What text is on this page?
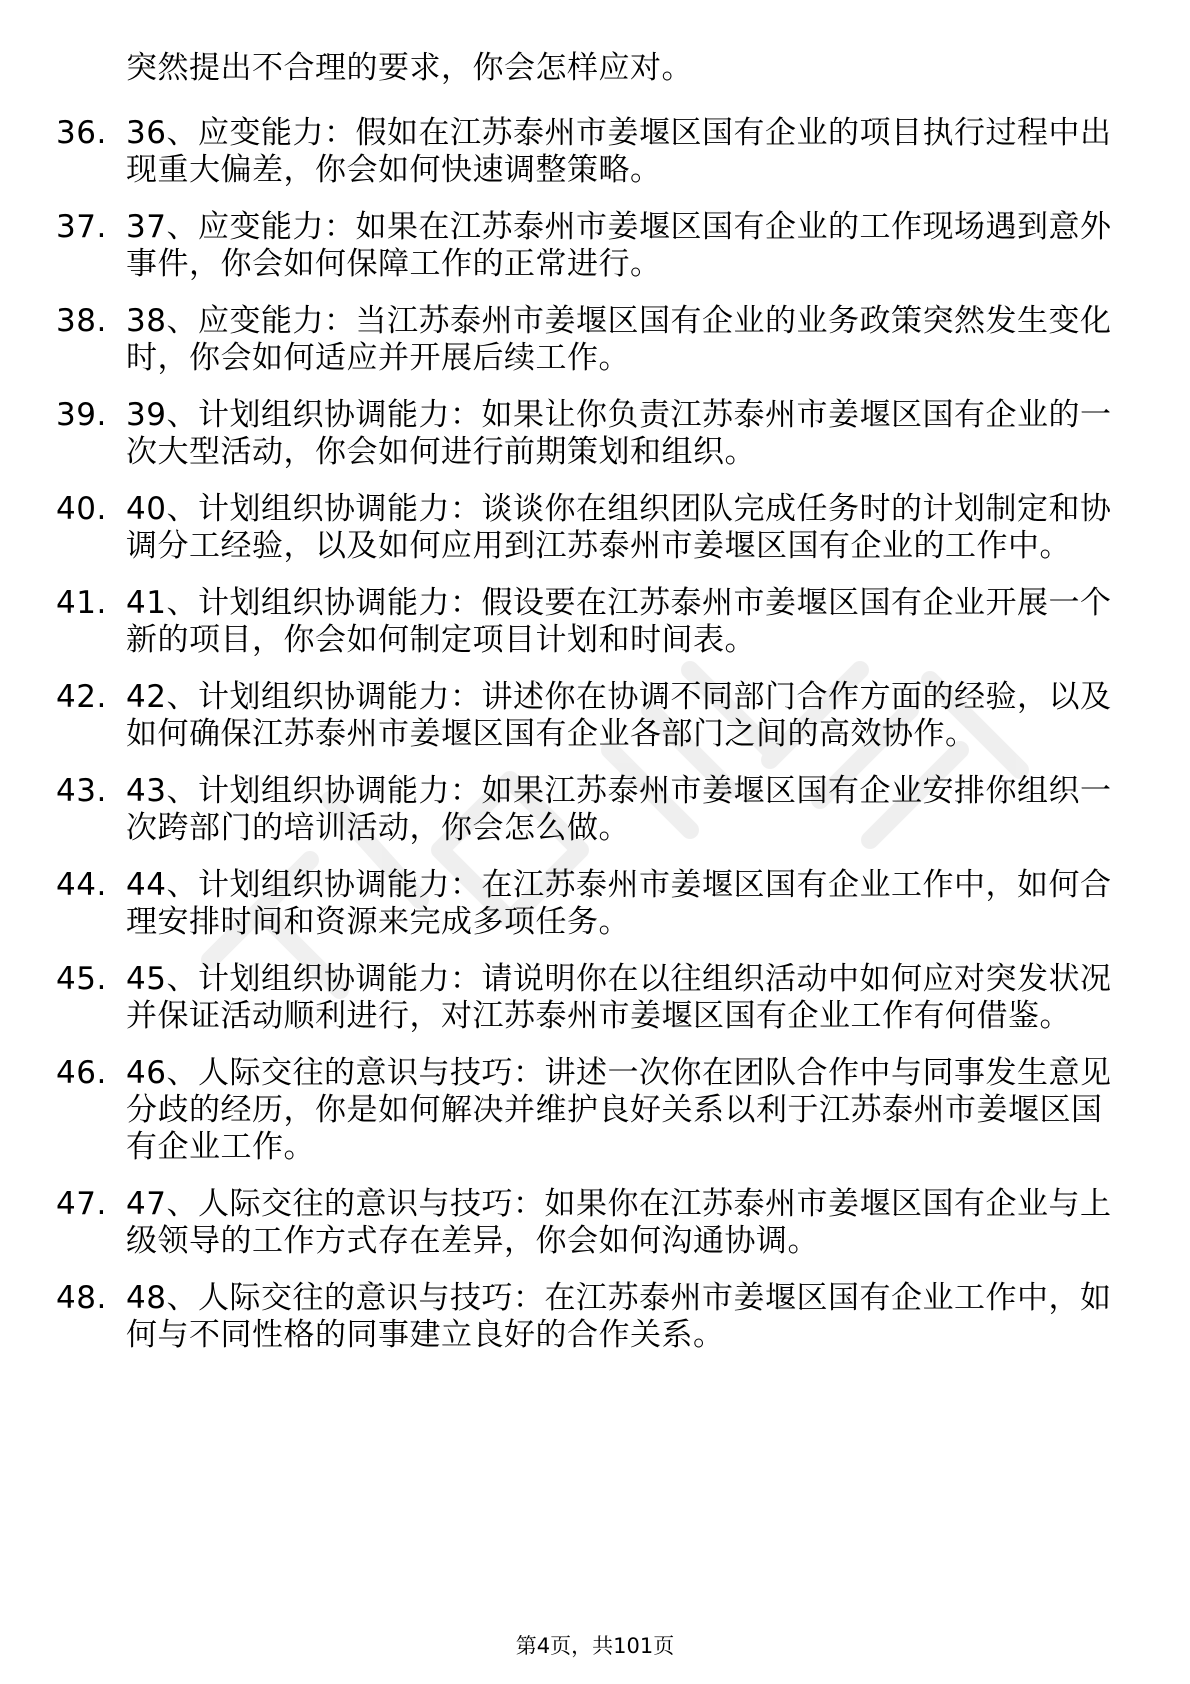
突然提出不合理的要求，你会怎样应对。
36. 36、应变能力：假如在江苏泰州市姜堰区国有企业的项目执行过程中出现重大偏差，你会如何快速调整策略。
37. 37、应变能力：如果在江苏泰州市姜堰区国有企业的工作现场遇到意外事件，你会如何保障工作的正常进行。
38. 38、应变能力：当江苏泰州市姜堰区国有企业的业务政策突然发生变化时，你会如何适应并开展后续工作。
39. 39、计划组织协调能力：如果让你负责江苏泰州市姜堰区国有企业的一次大型活动，你会如何进行前期策划和组织。
40. 40、计划组织协调能力：谈谈你在组织团队完成任务时的计划制定和协调分工经验，以及如何应用到江苏泰州市姜堰区国有企业的工作中。
41. 41、计划组织协调能力：假设要在江苏泰州市姜堰区国有企业开展一个新的项目，你会如何制定项目计划和时间表。
42. 42、计划组织协调能力：讲述你在协调不同部门合作方面的经验，以及如何确保江苏泰州市姜堰区国有企业各部门之间的高效协作。
43. 43、计划组织协调能力：如果江苏泰州市姜堰区国有企业安排你组织一次跨部门的培训活动，你会怎么做。
44. 44、计划组织协调能力：在江苏泰州市姜堰区国有企业工作中，如何合理安排时间和资源来完成多项任务。
45. 45、计划组织协调能力：请说明你在以往组织活动中如何应对突发状况并保证活动顺利进行，对江苏泰州市姜堰区国有企业工作有何借鉴。
46. 46、人际交往的意识与技巧：讲述一次你在团队合作中与同事发生意见分歧的经历，你是如何解决并维护良好关系以利于江苏泰州市姜堰区国有企业工作。
47. 47、人际交往的意识与技巧：如果你在江苏泰州市姜堰区国有企业与上级领导的工作方式存在差异，你会如何沟通协调。
48. 48、人际交往的意识与技巧：在江苏泰州市姜堰区国有企业工作中，如何与不同性格的同事建立良好的合作关系。
第4页，共101页
